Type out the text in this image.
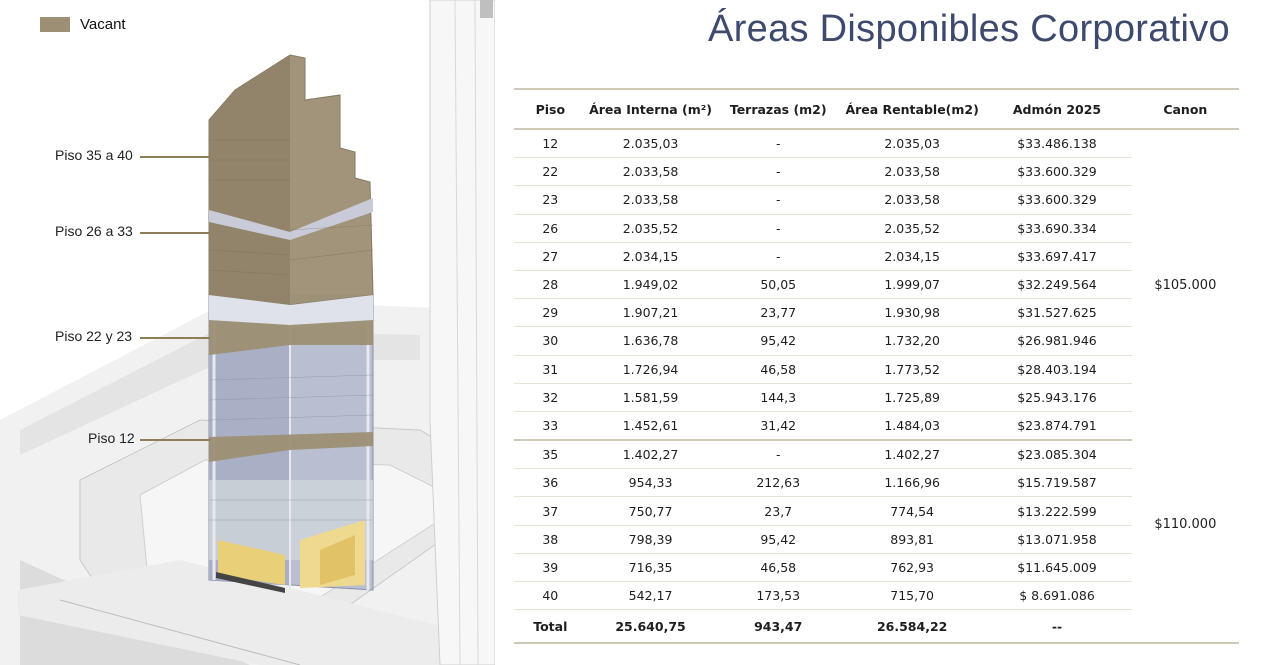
Vacant
Piso 35 a 40
Piso 26 a 33
Piso 22 y 23
Piso 12
Áreas Disponibles Corporativo
Piso	Área Interna (m²)	Terrazas (m2)	Área Rentable(m2)	Admón 2025	Canon
12	2.035,03	-	2.035,03	$33.486.138	$105.000
22	2.033,58	-	2.033,58	$33.600.329	
23	2.033,58	-	2.033,58	$33.600.329	
26	2.035,52	-	2.035,52	$33.690.334	
27	2.034,15	-	2.034,15	$33.697.417	
28	1.949,02	50,05	1.999,07	$32.249.564	
29	1.907,21	23,77	1.930,98	$31.527.625	
30	1.636,78	95,42	1.732,20	$26.981.946	
31	1.726,94	46,58	1.773,52	$28.403.194	
32	1.581,59	144,3	1.725,89	$25.943.176	
33	1.452,61	31,42	1.484,03	$23.874.791	
35	1.402,27	-	1.402,27	$23.085.304	$110.000
36	954,33	212,63	1.166,96	$15.719.587	
37	750,77	23,7	774,54	$13.222.599	
38	798,39	95,42	893,81	$13.071.958	
39	716,35	46,58	762,93	$11.645.009	
40	542,17	173,53	715,70	$ 8.691.086	
Total	25.640,75	943,47	26.584,22	--	
